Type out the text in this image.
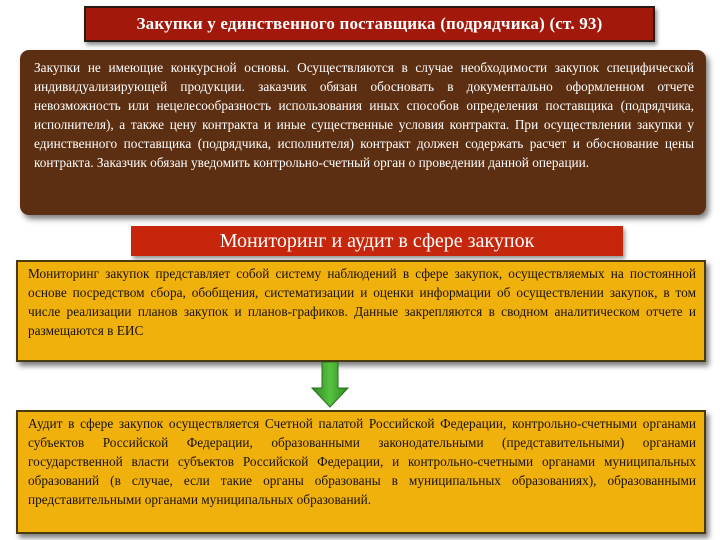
Закупки у единственного поставщика (подрядчика) (ст. 93)

Закупки не имеющие конкурсной основы. Осуществляются в случае необходимости закупок специфической индивидуализирующей продукции. заказчик обязан обосновать в документально оформленном отчете невозможность или нецелесообразность использования иных способов определения поставщика (подрядчика, исполнителя), а также цену контракта и иные существенные условия контракта. При осуществлении закупки у единственного поставщика (подрядчика, исполнителя) контракт должен содержать расчет и обоснование цены контракта. Заказчик обязан уведомить контрольно-счетный орган о проведении данной операции.

Мониторинг и аудит в сфере закупок

Мониторинг закупок представляет собой систему наблюдений в сфере закупок, осуществляемых на постоянной основе посредством сбора, обобщения, систематизации и оценки информации об осуществлении закупок, в том числе реализации планов закупок и планов-графиков. Данные закрепляются в сводном аналитическом отчете и размещаются в ЕИС

Аудит в сфере закупок осуществляется Счетной палатой Российской Федерации, контрольно-счетными органами субъектов Российской Федерации, образованными законодательными (представительными) органами государственной власти субъектов Российской Федерации, и контрольно-счетными органами муниципальных образований (в случае, если такие органы образованы в муниципальных образованиях), образованными представительными органами муниципальных образований.
